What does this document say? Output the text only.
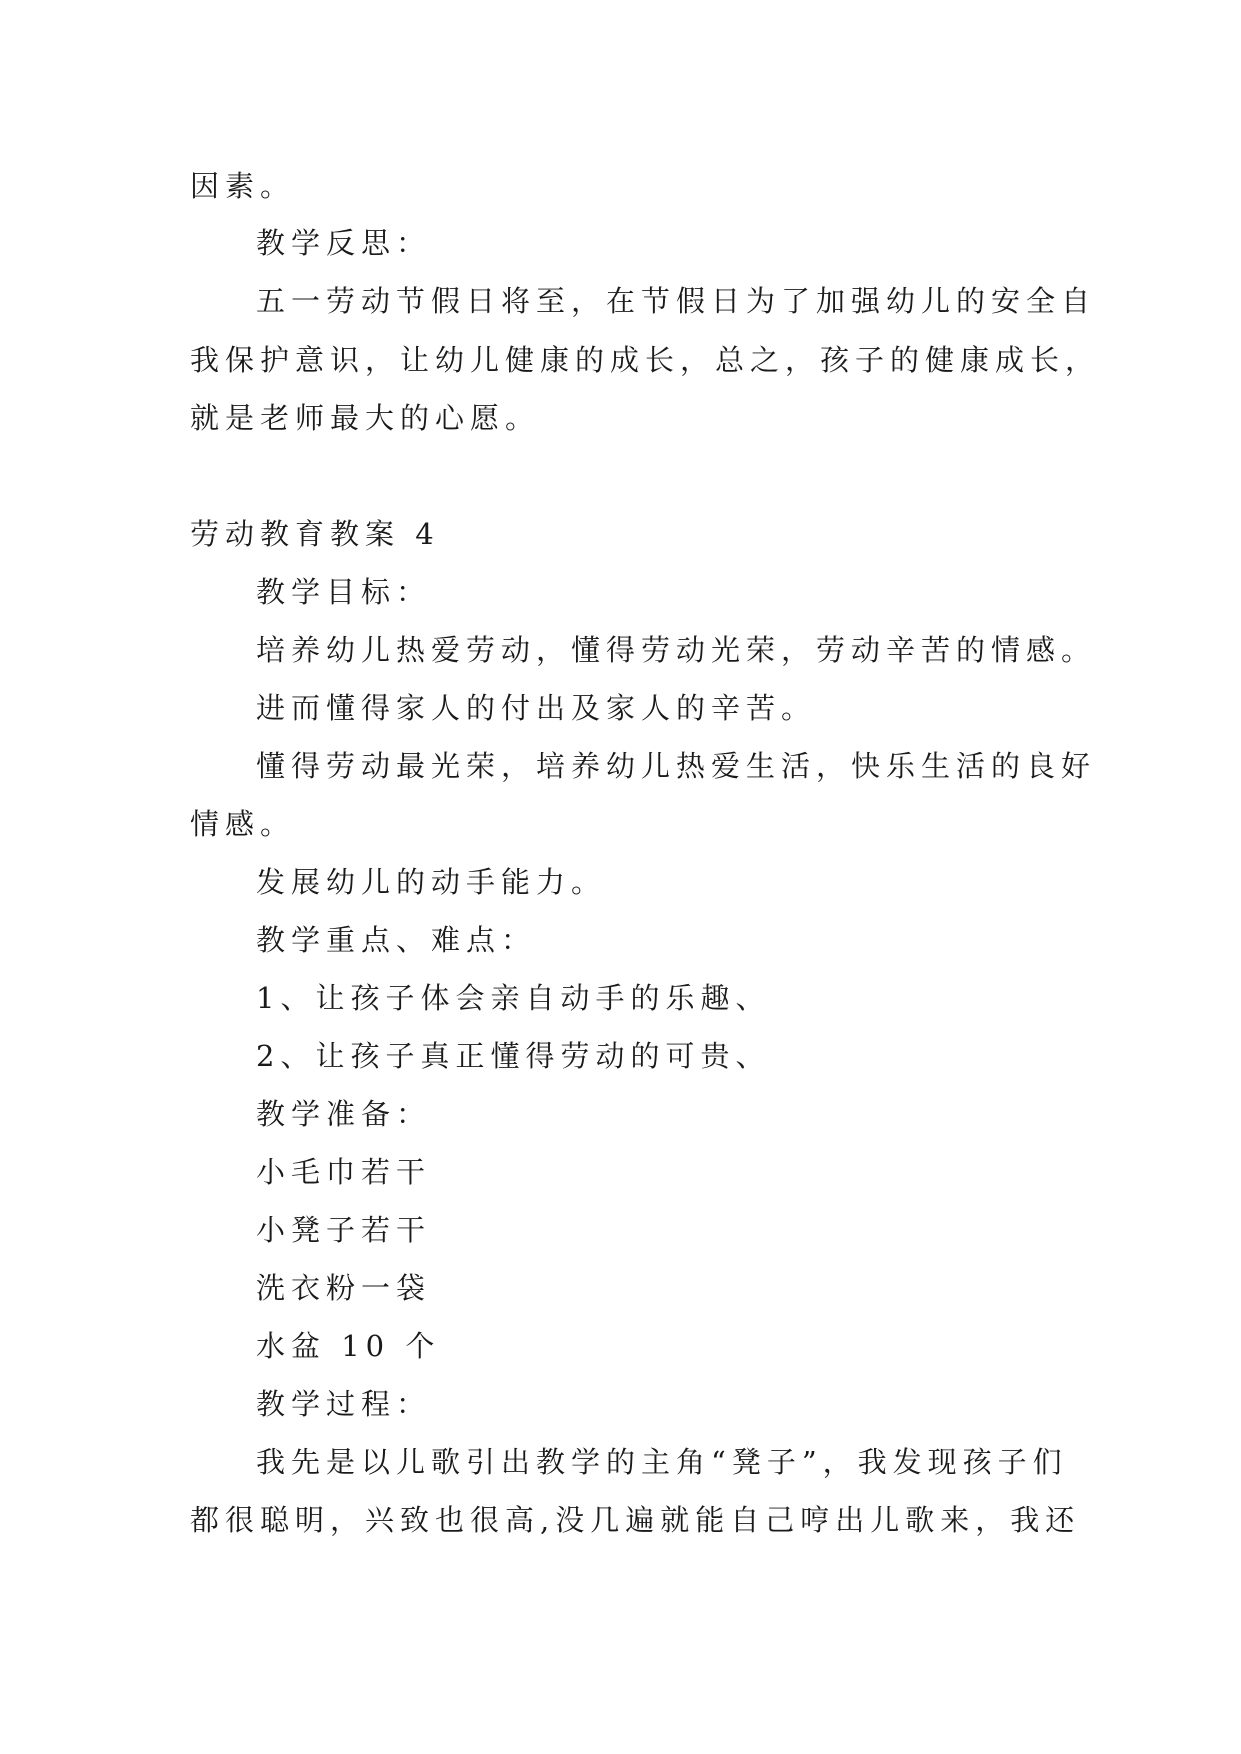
因素。
教学反思：
五一劳动节假日将至，在节假日为了加强幼儿的安全自
我保护意识，让幼儿健康的成长，总之，孩子的健康成长，
就是老师最大的心愿。
劳动教育教案 4
教学目标：
培养幼儿热爱劳动，懂得劳动光荣，劳动辛苦的情感。
进而懂得家人的付出及家人的辛苦。
懂得劳动最光荣，培养幼儿热爱生活，快乐生活的良好
情感。
发展幼儿的动手能力。
教学重点、难点：
1、让孩子体会亲自动手的乐趣、
2、让孩子真正懂得劳动的可贵、
教学准备：
小毛巾若干
小凳子若干
洗衣粉一袋
水盆 10 个
教学过程：
我先是以儿歌引出教学的主角“凳子”，我发现孩子们
都很聪明，兴致也很高,没几遍就能自己哼出儿歌来，我还
